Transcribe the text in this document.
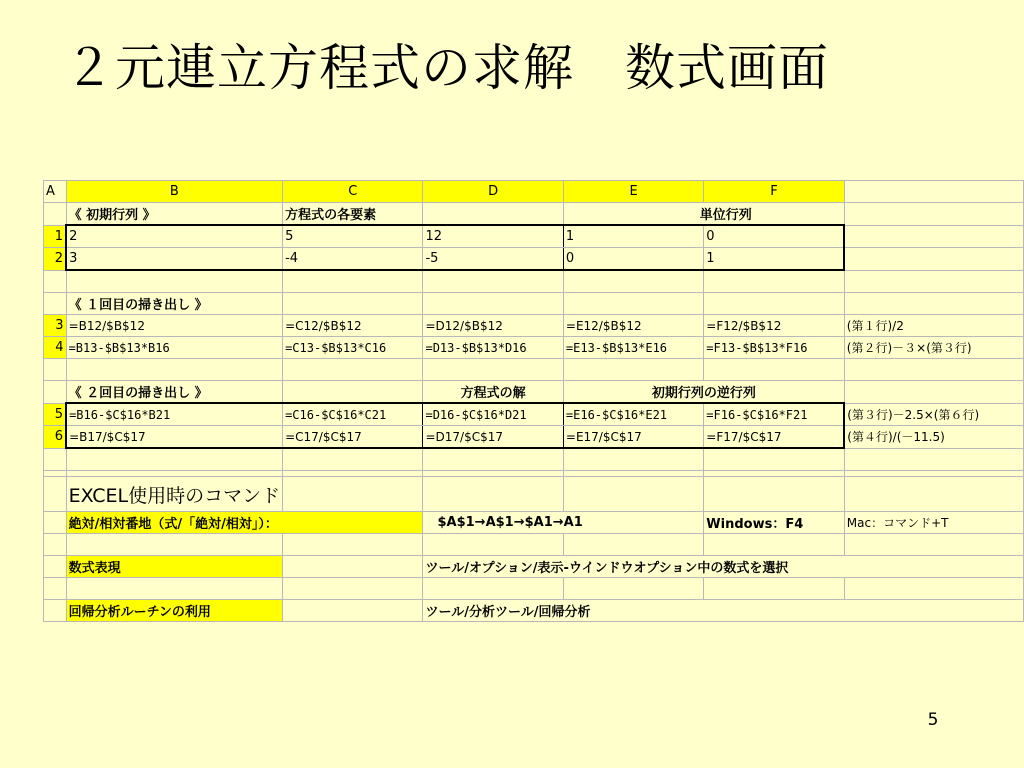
２元連立方程式の求解　数式画面
A	B	C	D	E	F	
	《 初期行列 》	方程式の各要素		単位行列		
1	2	5	12	1	0	
2	3	-4	-5	0	1	

	《 １回目の掃き出し 》					
3	=B12/$B$12	=C12/$B$12	=D12/$B$12	=E12/$B$12	=F12/$B$12	(第１行)/2
4	=B13-$B$13*B16	=C13-$B$13*C16	=D13-$B$13*D16	=E13-$B$13*E16	=F13-$B$13*F16	(第２行)－３×(第３行)

	《 ２回目の掃き出し 》		方程式の解	初期行列の逆行列		
5	=B16-$C$16*B21	=C16-$C$16*C21	=D16-$C$16*D21	=E16-$C$16*E21	=F16-$C$16*F21	(第３行)－2.5×(第６行)
6	=B17/$C$17	=C17/$C$17	=D17/$C$17	=E17/$C$17	=F17/$C$17	(第４行)/(－11.5)

	EXCEL使用時のコマンド					
	絶対/相対番地（式/「絶対/相対」）：		$A$1→A$1→$A1→A1		Windows：F4	Mac：コマンド+T

	数式表現		ツール/オプション/表示-ウインドウオプション中の数式を選択			

	回帰分析ルーチンの利用		ツール/分析ツール/回帰分析			
5
